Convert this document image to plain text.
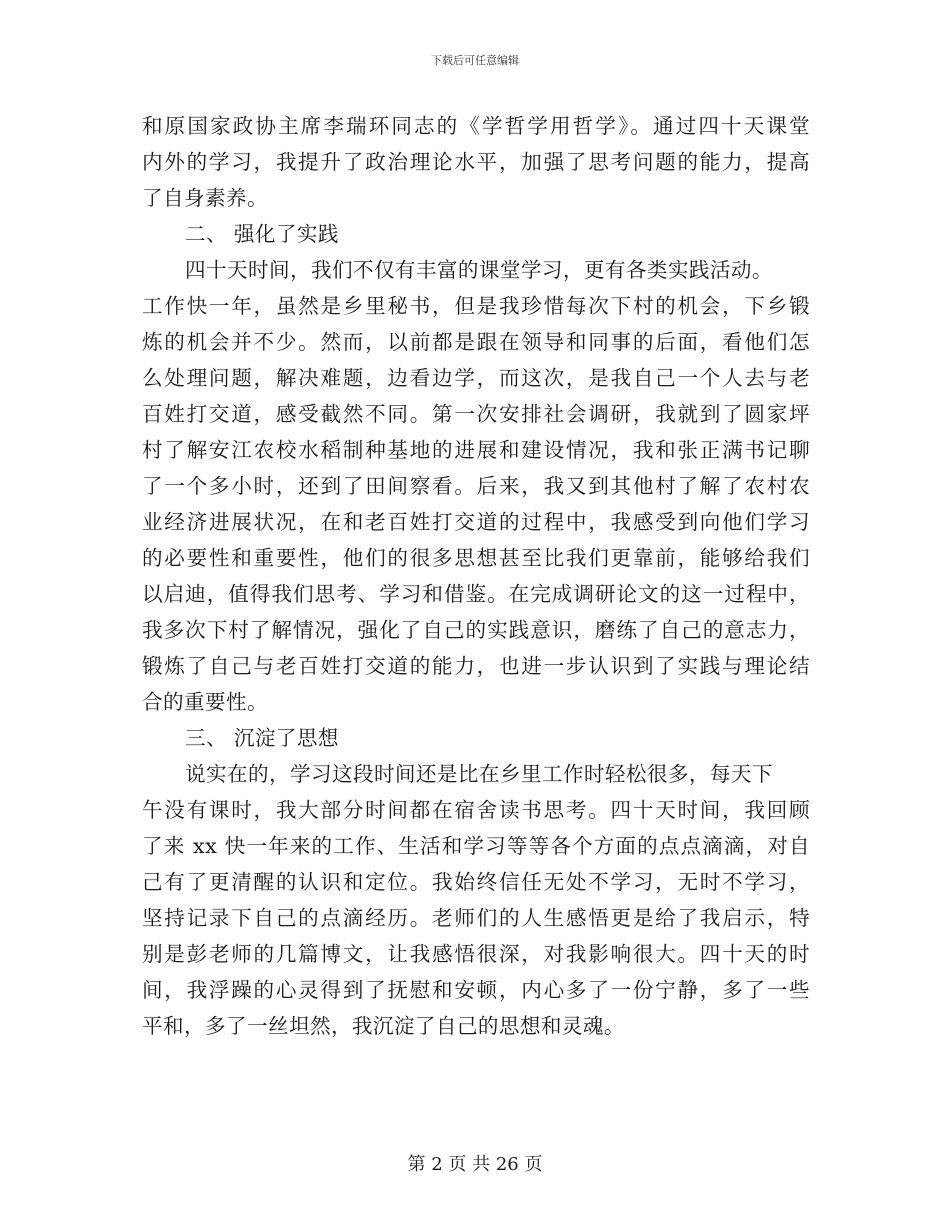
下载后可任意编辑
和原国家政协主席李瑞环同志的《学哲学用哲学》。通过四十天课堂
内外的学习，我提升了政治理论水平，加强了思考问题的能力，提高
了自身素养。
二、 强化了实践
四十天时间，我们不仅有丰富的课堂学习，更有各类实践活动。
工作快一年，虽然是乡里秘书，但是我珍惜每次下村的机会，下乡锻
炼的机会并不少。然而，以前都是跟在领导和同事的后面，看他们怎
么处理问题，解决难题，边看边学，而这次，是我自己一个人去与老
百姓打交道，感受截然不同。第一次安排社会调研，我就到了圆家坪
村了解安江农校水稻制种基地的进展和建设情况，我和张正满书记聊
了一个多小时，还到了田间察看。后来，我又到其他村了解了农村农
业经济进展状况，在和老百姓打交道的过程中，我感受到向他们学习
的必要性和重要性，他们的很多思想甚至比我们更靠前，能够给我们
以启迪，值得我们思考、学习和借鉴。在完成调研论文的这一过程中，
我多次下村了解情况，强化了自己的实践意识，磨练了自己的意志力，
锻炼了自己与老百姓打交道的能力，也进一步认识到了实践与理论结
合的重要性。
三、 沉淀了思想
说实在的，学习这段时间还是比在乡里工作时轻松很多，每天下
午没有课时，我大部分时间都在宿舍读书思考。四十天时间，我回顾
了来 xx 快一年来的工作、生活和学习等等各个方面的点点滴滴，对自
己有了更清醒的认识和定位。我始终信任无处不学习，无时不学习，
坚持记录下自己的点滴经历。老师们的人生感悟更是给了我启示，特
别是彭老师的几篇博文，让我感悟很深，对我影响很大。四十天的时
间，我浮躁的心灵得到了抚慰和安顿，内心多了一份宁静，多了一些
平和，多了一丝坦然，我沉淀了自己的思想和灵魂。
第 2 页 共 26 页
